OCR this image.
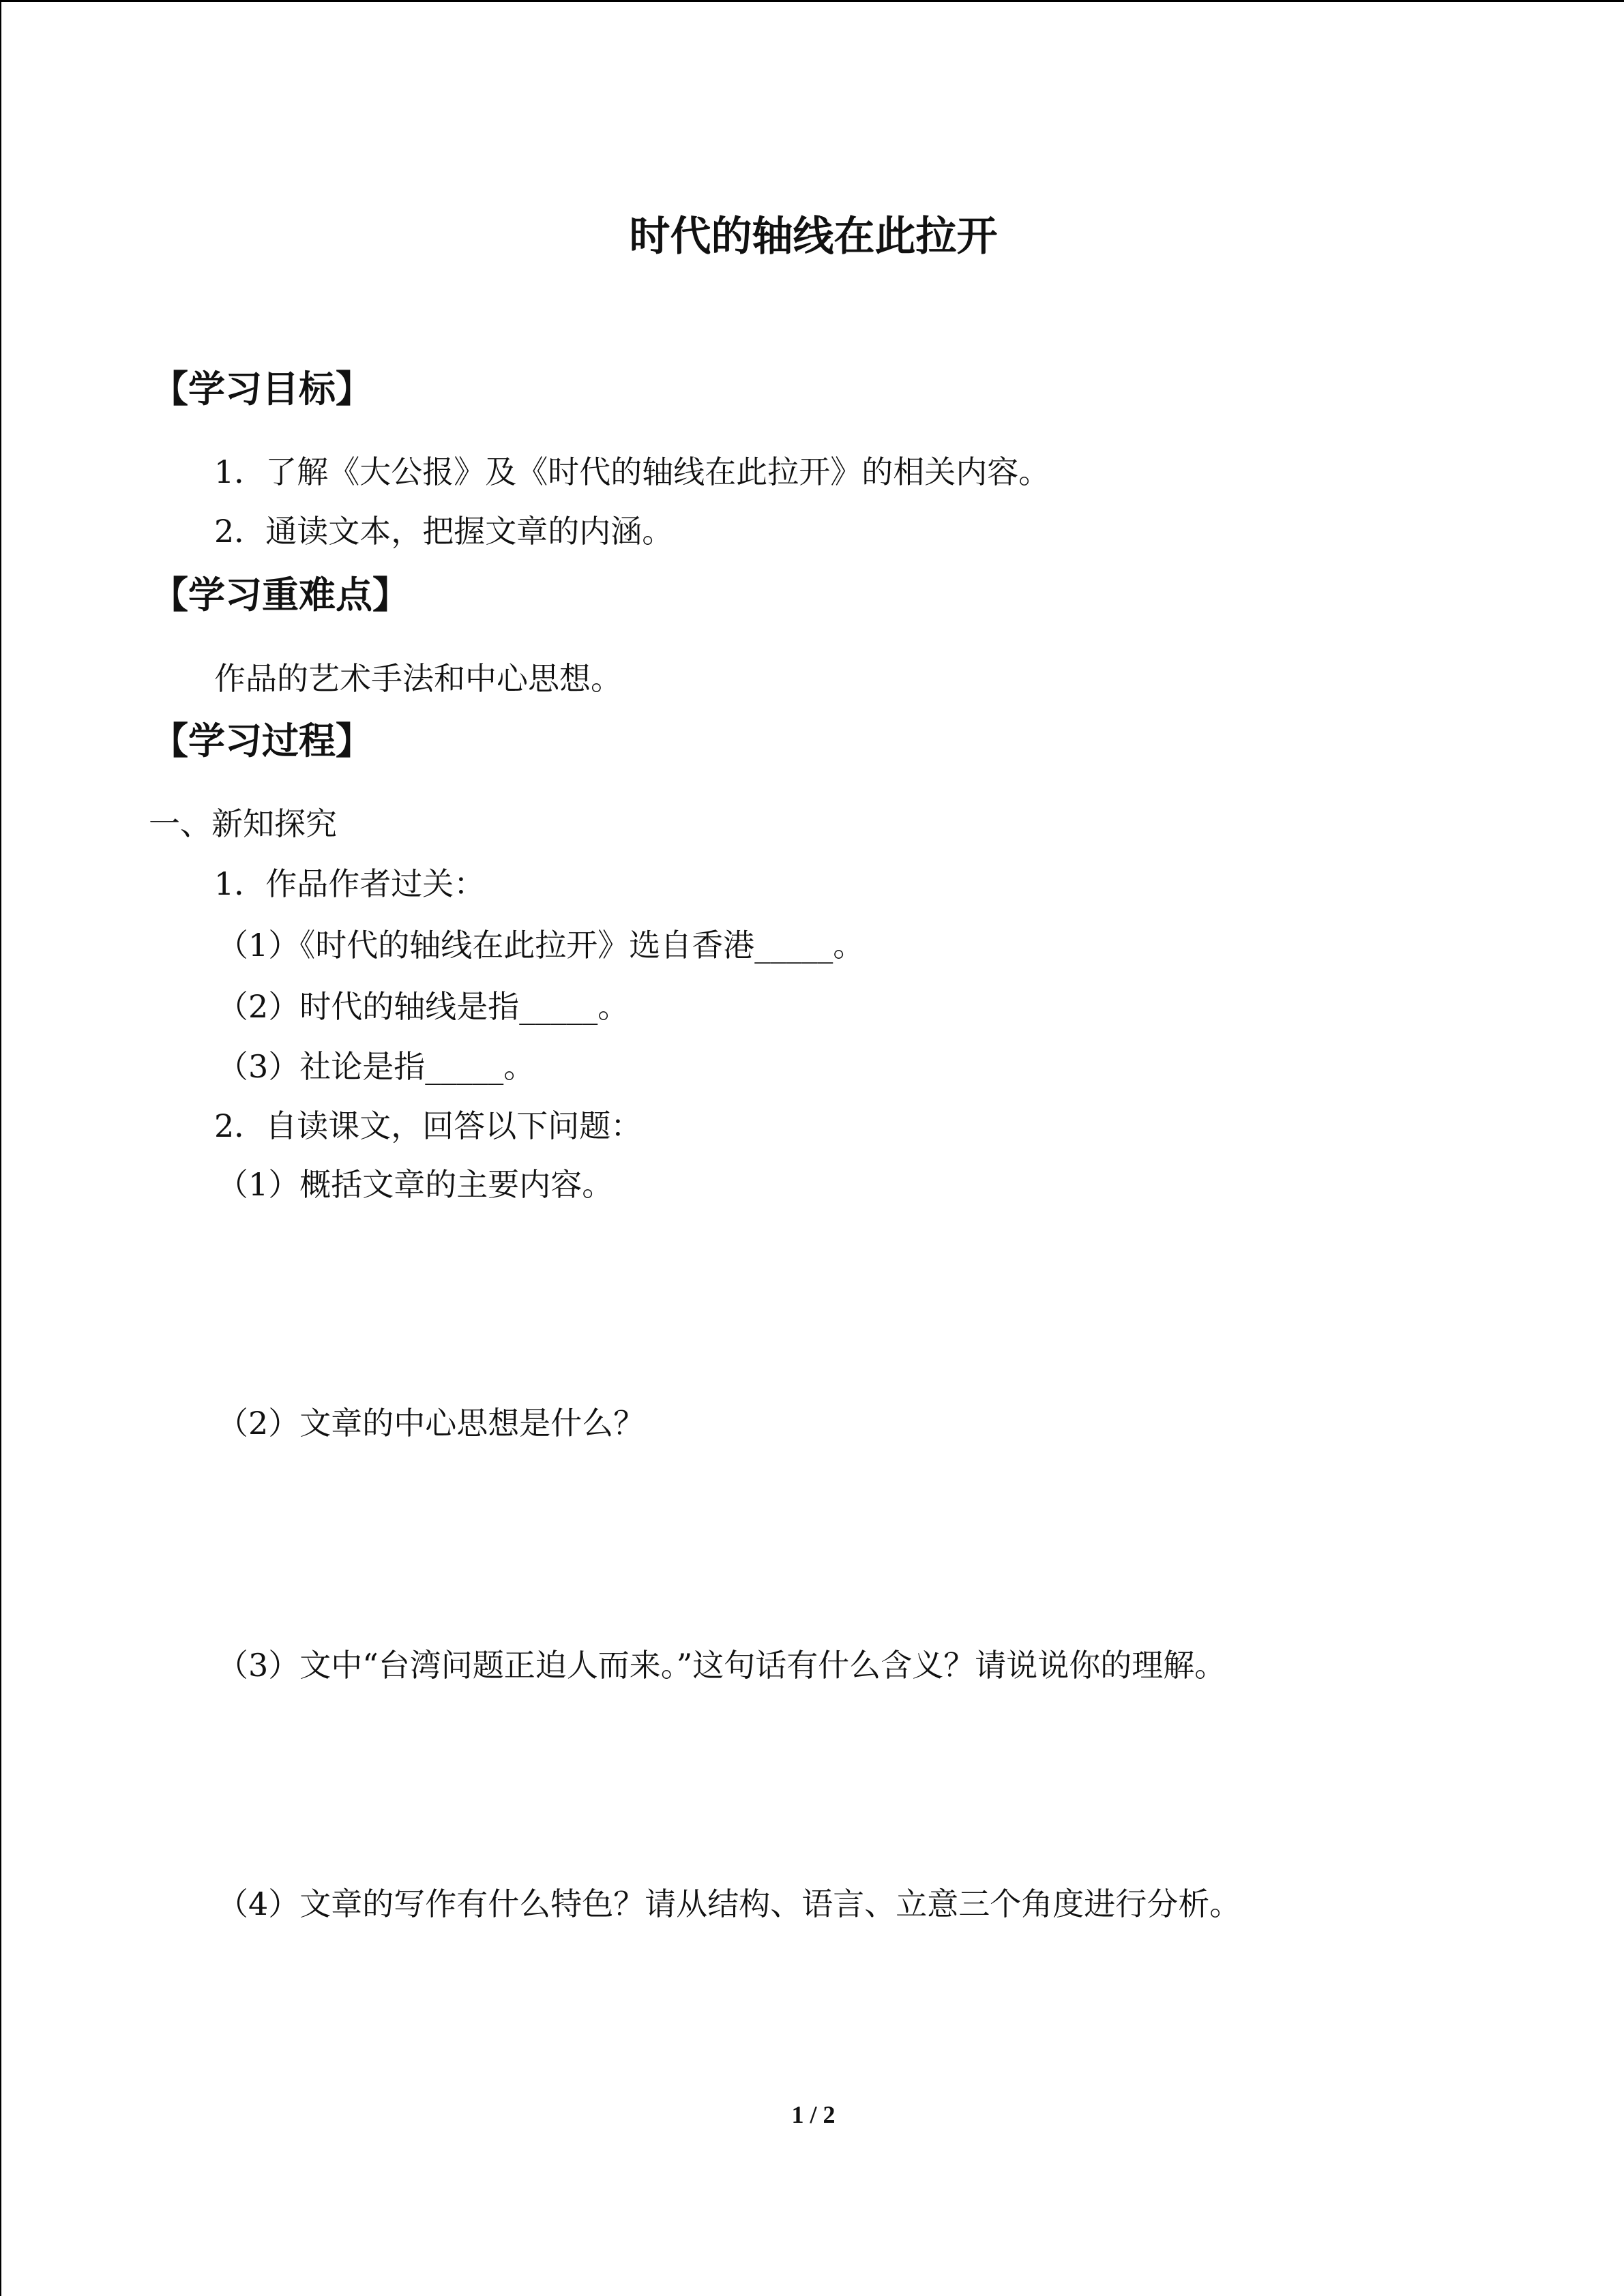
时代的轴线在此拉开
【学习目标】
1．了解《大公报》及《时代的轴线在此拉开》的相关内容。
2．通读文本，把握文章的内涵。
【学习重难点】
作品的艺术手法和中心思想。
【学习过程】
一、新知探究
1．作品作者过关：
（1）《时代的轴线在此拉开》选自香港_____。
（2）时代的轴线是指_____。
（3）社论是指_____。
2．自读课文，回答以下问题：
（1）概括文章的主要内容。
（2）文章的中心思想是什么？
（3）文中“台湾问题正迫人而来。”这句话有什么含义？请说说你的理解。
（4）文章的写作有什么特色？请从结构、语言、立意三个角度进行分析。
1 / 2
